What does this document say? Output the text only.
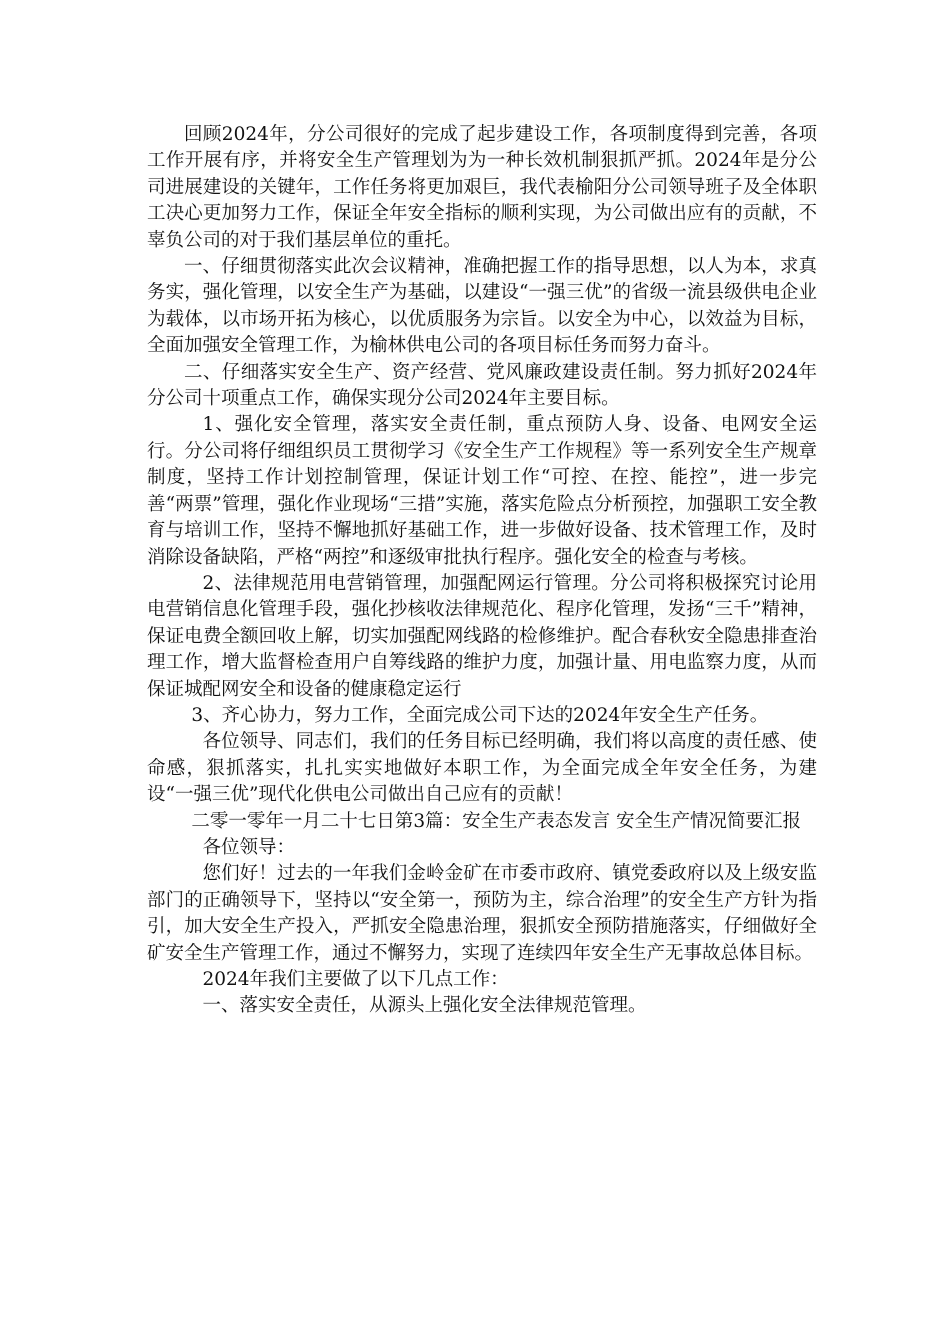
回顾2024年，分公司很好的完成了起步建设工作，各项制度得到完善，各项工作开展有序，并将安全生产管理划为为一种长效机制狠抓严抓。2024年是分公司进展建设的关键年，工作任务将更加艰巨，我代表榆阳分公司领导班子及全体职工决心更加努力工作，保证全年安全指标的顺利实现，为公司做出应有的贡献，不辜负公司的对于我们基层单位的重托。

一、仔细贯彻落实此次会议精神，准确把握工作的指导思想，以人为本，求真务实，强化管理，以安全生产为基础，以建设“一强三优”的省级一流县级供电企业为载体，以市场开拓为核心，以优质服务为宗旨。以安全为中心，以效益为目标，全面加强安全管理工作，为榆林供电公司的各项目标任务而努力奋斗。

二、仔细落实安全生产、资产经营、党风廉政建设责任制。努力抓好2024年分公司十项重点工作，确保实现分公司2024年主要目标。

1、强化安全管理，落实安全责任制，重点预防人身、设备、电网安全运行。分公司将仔细组织员工贯彻学习《安全生产工作规程》等一系列安全生产规章制度，坚持工作计划控制管理，保证计划工作“可控、在控、能控”，进一步完善“两票”管理，强化作业现场“三措”实施，落实危险点分析预控，加强职工安全教育与培训工作，坚持不懈地抓好基础工作，进一步做好设备、技术管理工作，及时消除设备缺陷，严格“两控”和逐级审批执行程序。强化安全的检查与考核。

2、法律规范用电营销管理，加强配网运行管理。分公司将积极探究讨论用电营销信息化管理手段，强化抄核收法律规范化、程序化管理，发扬“三千”精神，保证电费全额回收上解，切实加强配网线路的检修维护。配合春秋安全隐患排查治理工作，增大监督检查用户自筹线路的维护力度，加强计量、用电监察力度，从而保证城配网安全和设备的健康稳定运行

3、齐心协力，努力工作，全面完成公司下达的2024年安全生产任务。

各位领导、同志们，我们的任务目标已经明确，我们将以高度的责任感、使命感，狠抓落实，扎扎实实地做好本职工作，为全面完成全年安全任务，为建设“一强三优”现代化供电公司做出自己应有的贡献！

二零一零年一月二十七日第3篇：安全生产表态发言 安全生产情况简要汇报

各位领导：

您们好！过去的一年我们金岭金矿在市委市政府、镇党委政府以及上级安监部门的正确领导下，坚持以“安全第一，预防为主，综合治理”的安全生产方针为指引，加大安全生产投入，严抓安全隐患治理，狠抓安全预防措施落实，仔细做好全矿安全生产管理工作，通过不懈努力，实现了连续四年安全生产无事故总体目标。

2024年我们主要做了以下几点工作：

一、落实安全责任，从源头上强化安全法律规范管理。
